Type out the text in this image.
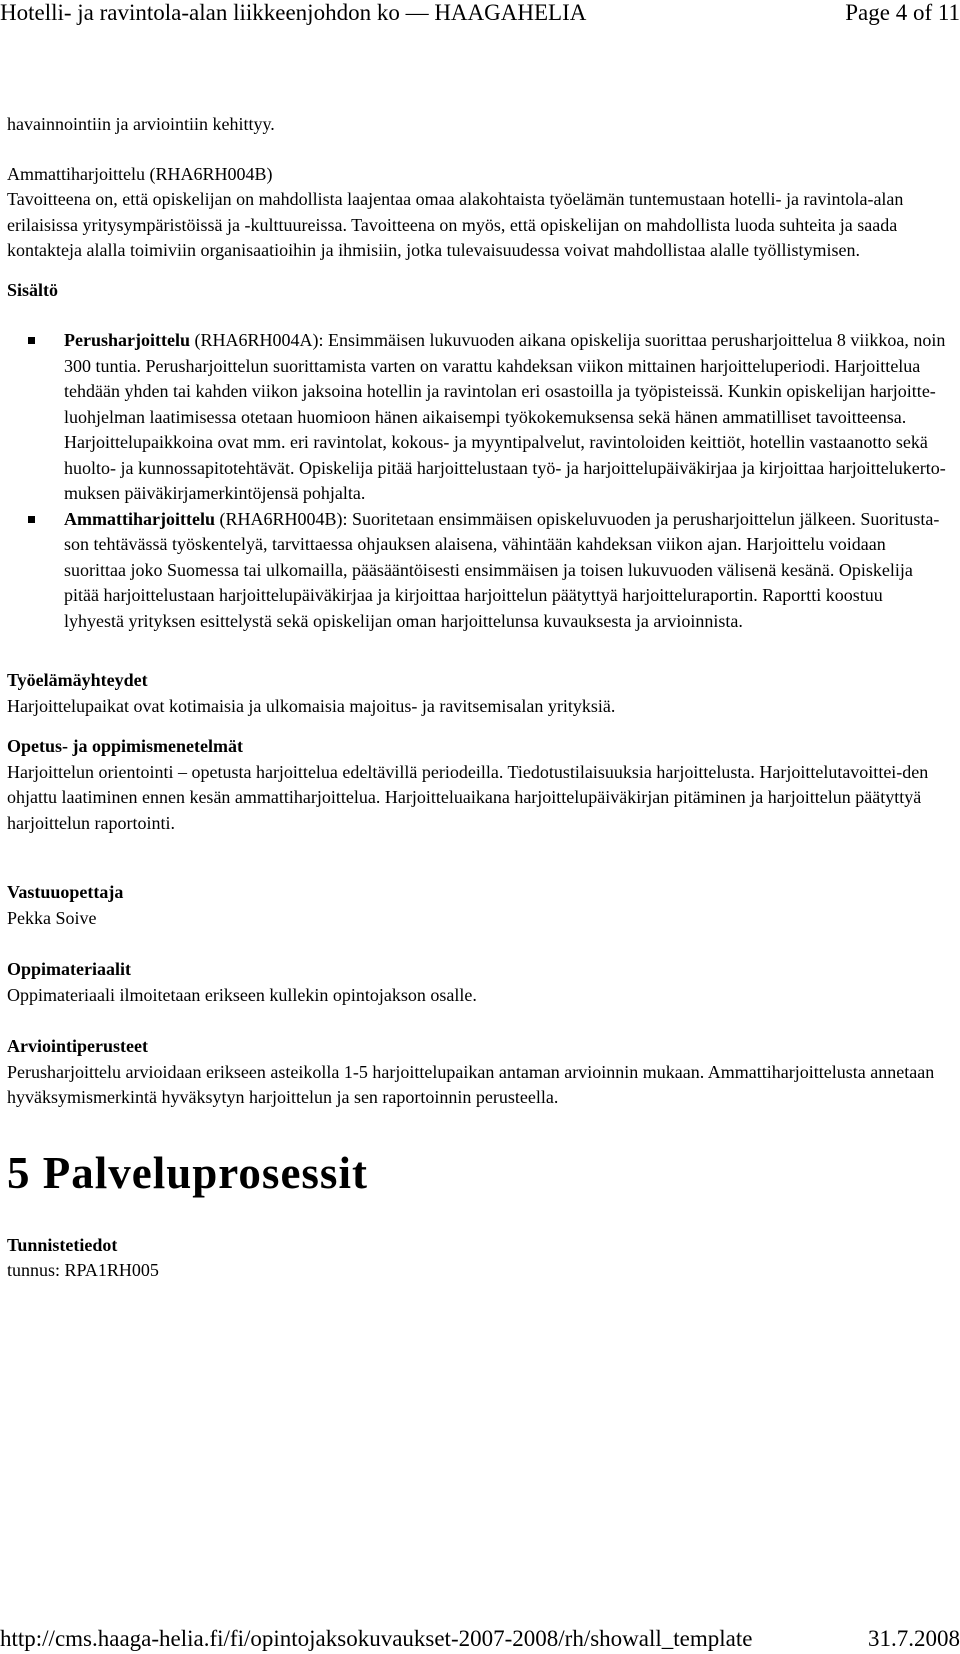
Hotelli- ja ravintola-alan liikkeenjohdon ko — HAAGAHELIA	Page 4 of 11

havainnointiin ja arviointiin kehittyy.

Ammattiharjoittelu (RHA6RH004B)

Tavoitteena on, että opiskelijan on mahdollista laajentaa omaa alakohtaista työelämän tuntemustaan hotelli- ja ravintola-alan erilaisissa yritysympäristöissä ja -kulttuureissa. Tavoitteena on myös, että opiskelijan on mahdollista luoda suhteita ja saada kontakteja alalla toimiviin organisaatioihin ja ihmisiin, jotka tulevaisuudessa voivat mahdollistaa alalle työllistymisen.

Sisältö

Perusharjoittelu (RHA6RH004A): Ensimmäisen lukuvuoden aikana opiskelija suorittaa perusharjoittelua 8 viikkoa, noin 300 tuntia. Perusharjoittelun suorittamista varten on varattu kahdeksan viikon mittainen harjoitteluperiodi. Harjoittelua tehdään yhden tai kahden viikon jaksoina hotellin ja ravintolan eri osastoilla ja työpisteissä. Kunkin opiskelijan harjoitte-luohjelman laatimisessa otetaan huomioon hänen aikaisempi työkokemuksensa sekä hänen ammatilliset tavoitteensa. Harjoittelupaikkoina ovat mm. eri ravintolat, kokous- ja myyntipalvelut, ravintoloiden keittiöt, hotellin vastaanotto sekä huolto- ja kunnossapitotehtävät. Opiskelija pitää harjoittelustaan työ- ja harjoittelupäiväkirjaa ja kirjoittaa harjoittelukerto-muksen päiväkirjamerkintöjensä pohjalta.
Ammattiharjoittelu (RHA6RH004B): Suoritetaan ensimmäisen opiskeluvuoden ja perusharjoittelun jälkeen. Suoritusta-son tehtävässä työskentelyä, tarvittaessa ohjauksen alaisena, vähintään kahdeksan viikon ajan. Harjoittelu voidaan suorittaa joko Suomessa tai ulkomailla, pääsääntöisesti ensimmäisen ja toisen lukuvuoden välisenä kesänä. Opiskelija pitää harjoittelustaan harjoittelupäiväkirjaa ja kirjoittaa harjoittelun päätyttyä harjoitteluraportin. Raportti koostuu lyhyestä yrityksen esittelystä sekä opiskelijan oman harjoittelunsa kuvauksesta ja arvioinnista.

Työelämäyhteydet

Harjoittelupaikat ovat kotimaisia ja ulkomaisia majoitus- ja ravitsemisalan yrityksiä.

Opetus- ja oppimismenetelmät

Harjoittelun orientointi – opetusta harjoittelua edeltävillä periodeilla. Tiedotustilaisuuksia harjoittelusta. Harjoittelutavoittei-den ohjattu laatiminen ennen kesän ammattiharjoittelua. Harjoitteluaikana harjoittelupäiväkirjan pitäminen ja harjoittelun päätyttyä harjoittelun raportointi.

Vastuuopettaja

Pekka Soive

Oppimateriaalit

Oppimateriaali ilmoitetaan erikseen kullekin opintojakson osalle.

Arviointiperusteet

Perusharjoittelu arvioidaan erikseen asteikolla 1-5 harjoittelupaikan antaman arvioinnin mukaan. Ammattiharjoittelusta annetaan hyväksymismerkintä hyväksytyn harjoittelun ja sen raportoinnin perusteella.

5 Palveluprosessit

Tunnistetiedot

tunnus: RPA1RH005

http://cms.haaga-helia.fi/fi/opintojaksokuvaukset-2007-2008/rh/showall_template	31.7.2008
